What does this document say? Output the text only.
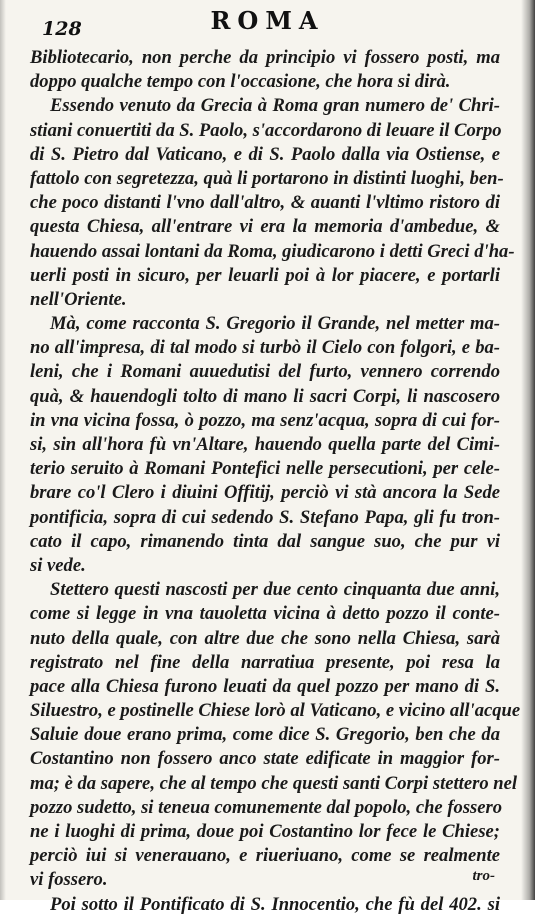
128	ROMA
Bibliotecario, non perche da principio vi fossero posti, ma
doppo qualche tempo con l'occasione, che hora si dirà.
Essendo venuto da Grecia à Roma gran numero de' Chri-
stiani conuertiti da S. Paolo, s'accordarono di leuare il Corpo
di S. Pietro dal Vaticano, e di S. Paolo dalla via Ostiense, e
fattolo con segretezza, quà li portarono in distinti luoghi, ben-
che poco distanti l'vno dall'altro, & auanti l'vltimo ristoro di
questa Chiesa, all'entrare vi era la memoria d'ambedue, &
hauendo assai lontani da Roma, giudicarono i detti Greci d'ha-
uerli posti in sicuro, per leuarli poi à lor piacere, e portarli
nell'Oriente.
Mà, come racconta S. Gregorio il Grande, nel metter ma-
no all'impresa, di tal modo si turbò il Cielo con folgori, e ba-
leni, che i Romani auuedutisi del furto, vennero correndo
quà, & hauendogli tolto di mano li sacri Corpi, li nascosero
in vna vicina fossa, ò pozzo, ma senz'acqua, sopra di cui for-
si, sin all'hora fù vn'Altare, hauendo quella parte del Cimi-
terio seruito à Romani Pontefici nelle persecutioni, per cele-
brare co'l Clero i diuini Offitij, perciò vi stà ancora la Sede
pontificia, sopra di cui sedendo S. Stefano Papa, gli fu tron-
cato il capo, rimanendo tinta dal sangue suo, che pur vi
si vede.
Stettero questi nascosti per due cento cinquanta due anni,
come si legge in vna tauoletta vicina à detto pozzo il conte-
nuto della quale, con altre due che sono nella Chiesa, sarà
registrato nel fine della narratiua presente, poi resa la
pace alla Chiesa furono leuati da quel pozzo per mano di S.
Siluestro, e postinelle Chiese lorò al Vaticano, e vicino all'acque
Saluie doue erano prima, come dice S. Gregorio, ben che da
Costantino non fossero anco state edificate in maggior for-
ma; è da sapere, che al tempo che questi santi Corpi stettero nel
pozzo sudetto, si teneua comunemente dal popolo, che fossero
ne i luoghi di prima, doue poi Costantino lor fece le Chiese;
perciò iui si venerauano, e riueriuano, come se realmente
vi fossero.
Poi sotto il Pontificato di S. Innocentio, che fù del 402. si
tro-
